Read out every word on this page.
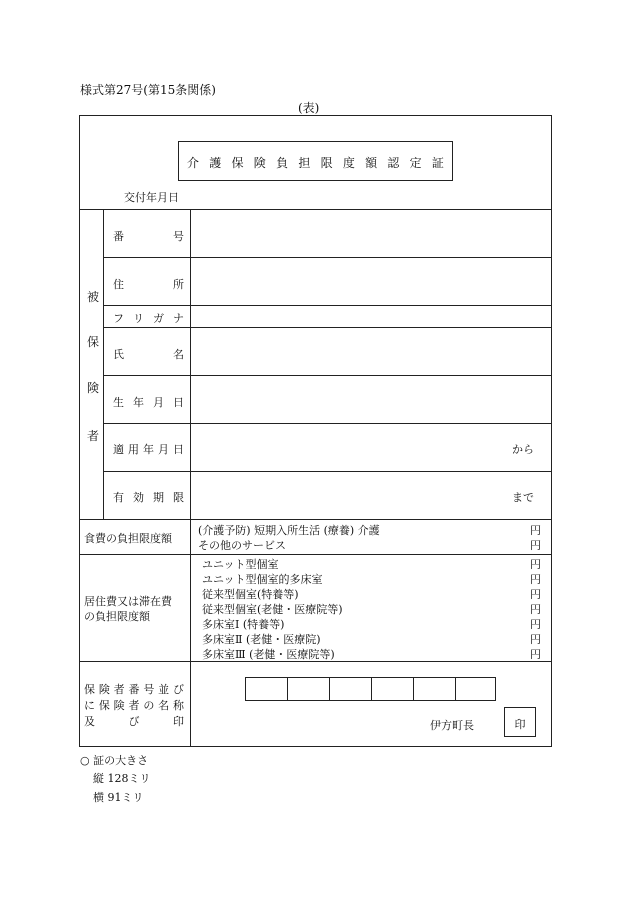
様式第27号(第15条関係)
(表)
介 護 保 険 負 担 限 度 額 認 定 証
交付年月日
被
保
険
者
番	号
住	所
フ リ ガ ナ
氏	名
生 年 月 日
適 用 年 月 日	から
有 効 期 限	まで
食費の負担限度額
(介護予防) 短期入所生活 (療養) 介護	円
その他のサービス	円
居住費又は滞在費
の負担限度額
ユニット型個室	円
ユニット型個室的多床室	円
従来型個室(特養等)	円
従来型個室(老健・医療院等)	円
多床室Ⅰ (特養等)	円
多床室Ⅱ (老健・医療院)	円
多床室Ⅲ (老健・医療院等)	円
保 険 者 番 号 並 び
に 保 険 者 の 名 称
及	び	印	伊方町長	印
○ 証の大きさ
縦 128ミリ
横 91ミリ
